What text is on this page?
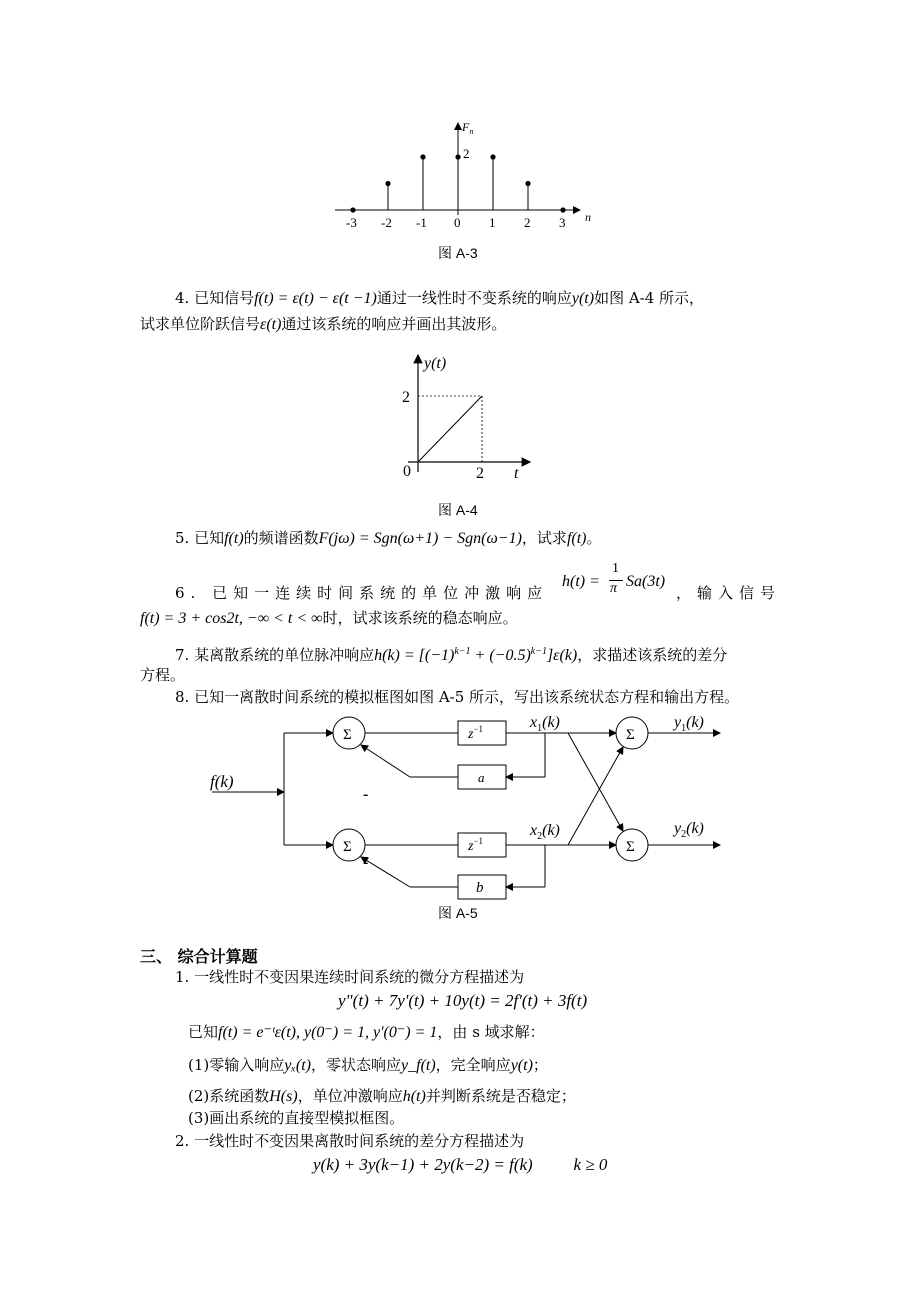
$F_n$
2
n
-3 -2 -1 0 1 2 3
图 A-3
4. 已知信号f(t) = ε(t) − ε(t −1)通过一线性时不变系统的响应y(t)如图 A-4 所示，
试求单位阶跃信号ε(t)通过该系统的响应并画出其波形。
y(t)
2
0	2 t
图 A-4
5. 已知f(t)的频谱函数F(jω) = Sgn(ω+1) − Sgn(ω−1)，试求f(t)。
6. 已知一连续时间系统的单位冲激响应
h(t) =
1
π Sa(3t)
，输入信号
f(t) = 3 + cos2t, −∞ < t < ∞时，试求该系统的稳态响应。
7. 某离散系统的单位脉冲响应$h(k) = [(-1)^{k-1} + (-0.5)^{k-1}]\varepsilon(k)$，求描述该系统的差分
方程。
8. 已知一离散时间系统的模拟框图如图 A-5 所示，写出该系统状态方程和输出方程。
f(k)
Σ
-
Σ
-
$z^{-1}$	$x_1(k)$
a
$z^{-1}$
$x_2(k)$
b
Σ
Σ
$y_1(k)$
$y_2(k)$
图 A-5
三、 综合计算题
1. 一线性时不变因果连续时间系统的微分方程描述为
y"(t) + 7y'(t) + 10y(t) = 2f'(t) + 3f(t)
已知f(t) = e⁻ᵗε(t), y(0⁻) = 1, y'(0⁻) = 1，由 s 域求解：
(1)零输入响应yₓ(t)，零状态响应y_f(t)，完全响应y(t)；
(2)系统函数H(s)，单位冲激响应h(t)并判断系统是否稳定；
(3)画出系统的直接型模拟框图。
2. 一线性时不变因果离散时间系统的差分方程描述为
y(k) + 3y(k−1) + 2y(k−2) = f(k) k ≥ 0
